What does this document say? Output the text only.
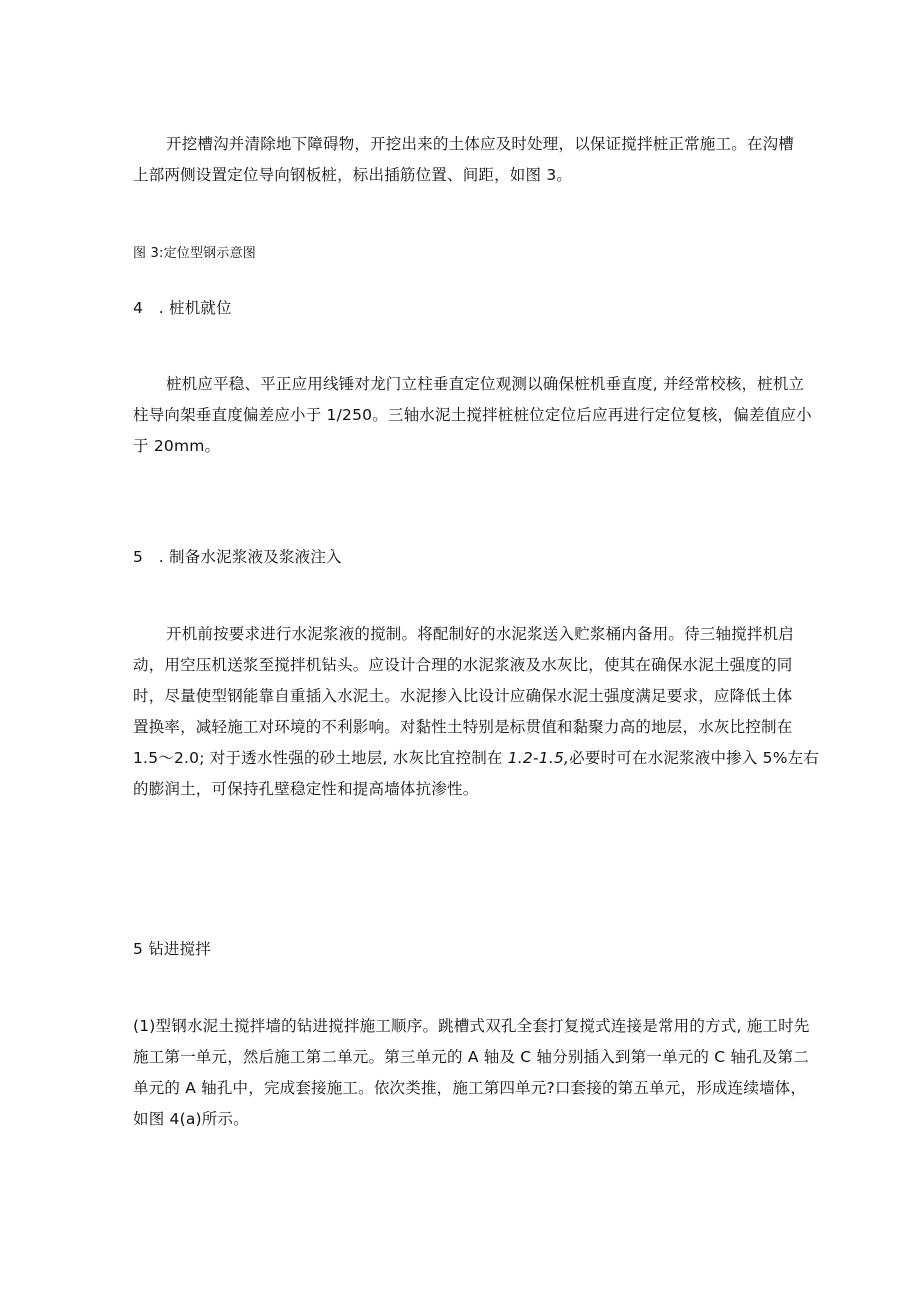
开挖槽沟并清除地下障碍物，开挖出来的土体应及时处理，以保证搅拌桩正常施工。在沟槽
上部两侧设置定位导向钢板桩，标出插筋位置、间距，如图 3。
图 3:定位型钢示意图
4　. 桩机就位
桩机应平稳、平正应用线锤对龙门立柱垂直定位观测以确保桩机垂直度, 并经常校核，桩机立
柱导向架垂直度偏差应小于 1/250。三轴水泥土搅拌桩桩位定位后应再进行定位复核，偏差值应小
于 20mm。
5　. 制备水泥浆液及浆液注入
开机前按要求进行水泥浆液的搅制。将配制好的水泥浆送入贮浆桶内备用。待三轴搅拌机启
动，用空压机送浆至搅拌机钻头。应设计合理的水泥浆液及水灰比，使其在确保水泥土强度的同
时，尽量使型钢能靠自重插入水泥土。水泥掺入比设计应确保水泥土强度满足要求，应降低土体
置换率，减轻施工对环境的不利影响。对黏性土特别是标贯值和黏聚力高的地层，水灰比控制在
1.5～2.0; 对于透水性强的砂土地层, 水灰比宜控制在 1.2-1.5,必要时可在水泥浆液中掺入 5%左右
的膨润土，可保持孔壁稳定性和提高墙体抗渗性。
5 钻进搅拌
(1)型钢水泥土搅拌墙的钻进搅拌施工顺序。跳槽式双孔全套打复搅式连接是常用的方式, 施工时先
施工第一单元，然后施工第二单元。第三单元的 A 轴及 C 轴分别插入到第一单元的 C 轴孔及第二
单元的 A 轴孔中，完成套接施工。依次类推，施工第四单元?口套接的第五单元，形成连续墙体，
如图 4(a)所示。
